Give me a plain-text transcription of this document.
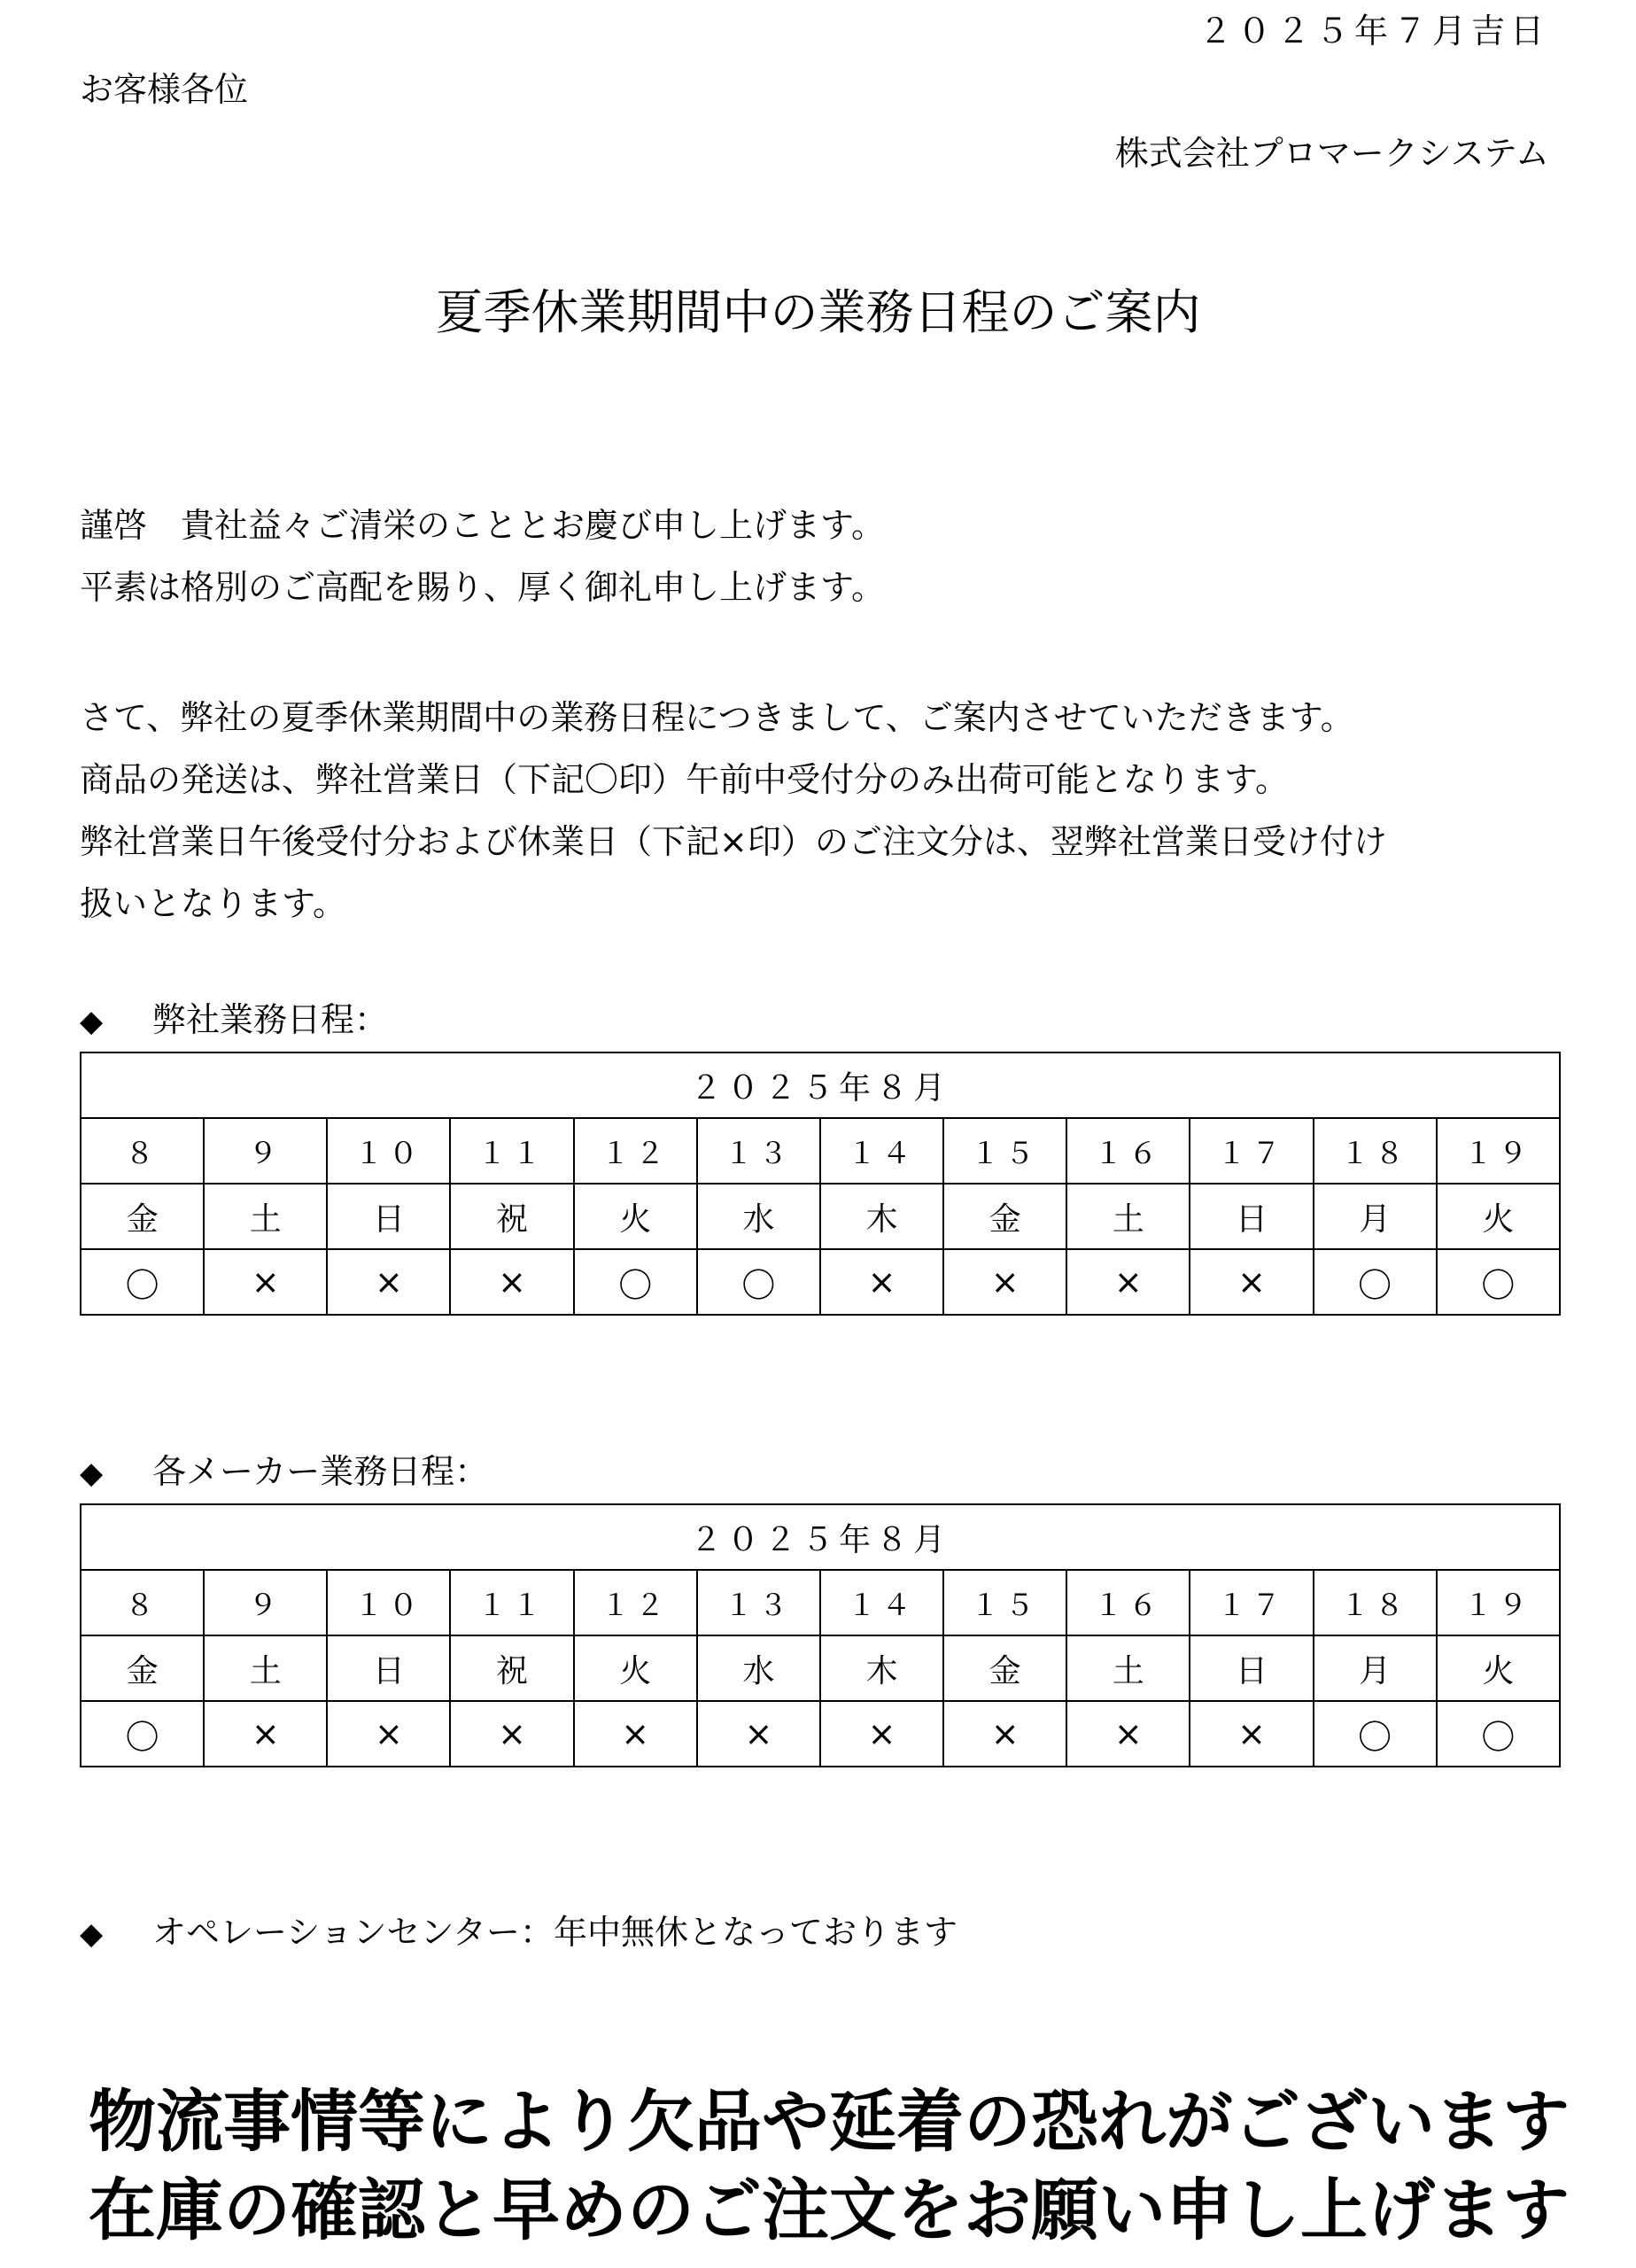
２０２５年７月吉日
お客様各位
株式会社プロマークシステム
夏季休業期間中の業務日程のご案内
謹啓　貴社益々ご清栄のこととお慶び申し上げます。
平素は格別のご高配を賜り、厚く御礼申し上げます。
さて、弊社の夏季休業期間中の業務日程につきまして、ご案内させていただきます。
商品の発送は、弊社営業日（下記〇印）午前中受付分のみ出荷可能となります。
弊社営業日午後受付分および休業日（下記×印）のご注文分は、翌弊社営業日受け付け
扱いとなります。
◆ 弊社業務日程：
２０２５年８月											
８	９	１０	１１	１２	１３	１４	１５	１６	１７	１８	１９
金	土	日	祝	火	水	木	金	土	日	月	火
〇	×	×	×	〇	〇	×	×	×	×	〇	〇
◆ 各メーカー業務日程：
２０２５年８月											
８	９	１０	１１	１２	１３	１４	１５	１６	１７	１８	１９
金	土	日	祝	火	水	木	金	土	日	月	火
〇	×	×	×	×	×	×	×	×	×	〇	〇
◆ オペレーションセンター：年中無休となっております
物流事情等により欠品や延着の恐れがございます
在庫の確認と早めのご注文をお願い申し上げます
